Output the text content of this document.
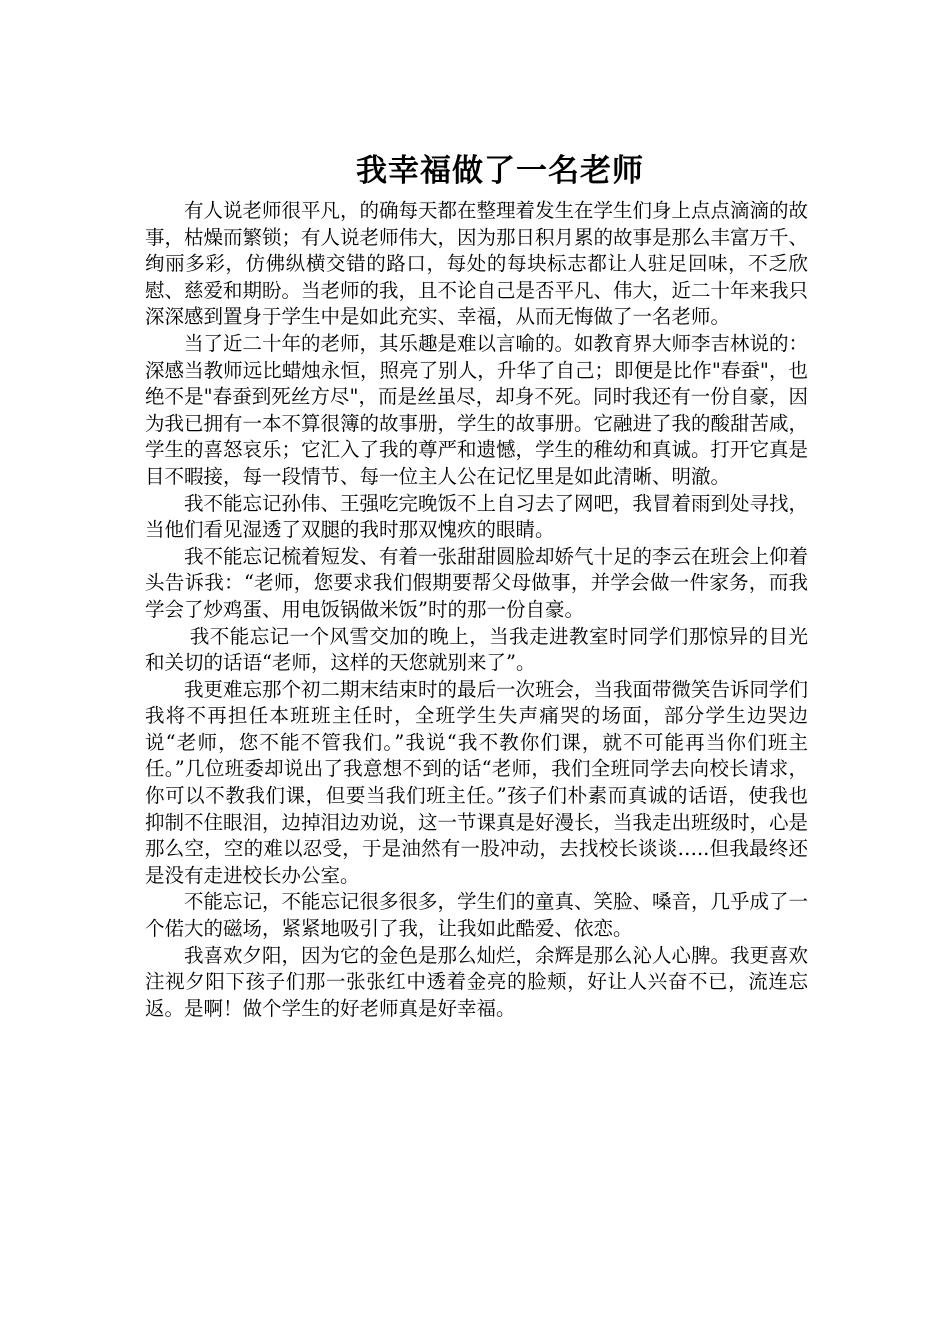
我幸福做了一名老师

有人说老师很平凡，的确每天都在整理着发生在学生们身上点点滴滴的故事，枯燥而繁锁；有人说老师伟大，因为那日积月累的故事是那么丰富万千、绚丽多彩，仿佛纵横交错的路口，每处的每块标志都让人驻足回味，不乏欣慰、慈爱和期盼。当老师的我，且不论自己是否平凡、伟大，近二十年来我只深深感到置身于学生中是如此充实、幸福，从而无悔做了一名老师。

当了近二十年的老师，其乐趣是难以言喻的。如教育界大师李吉林说的：深感当教师远比蜡烛永恒，照亮了别人，升华了自己；即便是比作"春蚕"，也绝不是"春蚕到死丝方尽"，而是丝虽尽，却身不死。同时我还有一份自豪，因为我已拥有一本不算很簿的故事册，学生的故事册。它融进了我的酸甜苦咸，学生的喜怒哀乐；它汇入了我的尊严和遗憾，学生的稚幼和真诚。打开它真是目不暇接，每一段情节、每一位主人公在记忆里是如此清晰、明澈。

我不能忘记孙伟、王强吃完晚饭不上自习去了网吧，我冒着雨到处寻找，当他们看见湿透了双腿的我时那双愧疚的眼睛。

我不能忘记梳着短发、有着一张甜甜圆脸却娇气十足的李云在班会上仰着头告诉我：“老师，您要求我们假期要帮父母做事，并学会做一件家务，而我学会了炒鸡蛋、用电饭锅做米饭”时的那一份自豪。

我不能忘记一个风雪交加的晚上，当我走进教室时同学们那惊异的目光和关切的话语“老师，这样的天您就别来了”。

我更难忘那个初二期末结束时的最后一次班会，当我面带微笑告诉同学们我将不再担任本班班主任时，全班学生失声痛哭的场面，部分学生边哭边说“老师，您不能不管我们。”我说“我不教你们课，就不可能再当你们班主任。”几位班委却说出了我意想不到的话“老师，我们全班同学去向校长请求，你可以不教我们课，但要当我们班主任。”孩子们朴素而真诚的话语，使我也抑制不住眼泪，边掉泪边劝说，这一节课真是好漫长，当我走出班级时，心是那么空，空的难以忍受，于是油然有一股冲动，去找校长谈谈…..但我最终还是没有走进校长办公室。

不能忘记，不能忘记很多很多，学生们的童真、笑脸、嗓音，几乎成了一个偌大的磁场，紧紧地吸引了我，让我如此酷爱、依恋。

我喜欢夕阳，因为它的金色是那么灿烂，余辉是那么沁人心脾。我更喜欢注视夕阳下孩子们那一张张红中透着金亮的脸颊，好让人兴奋不已，流连忘返。是啊！做个学生的好老师真是好幸福。
